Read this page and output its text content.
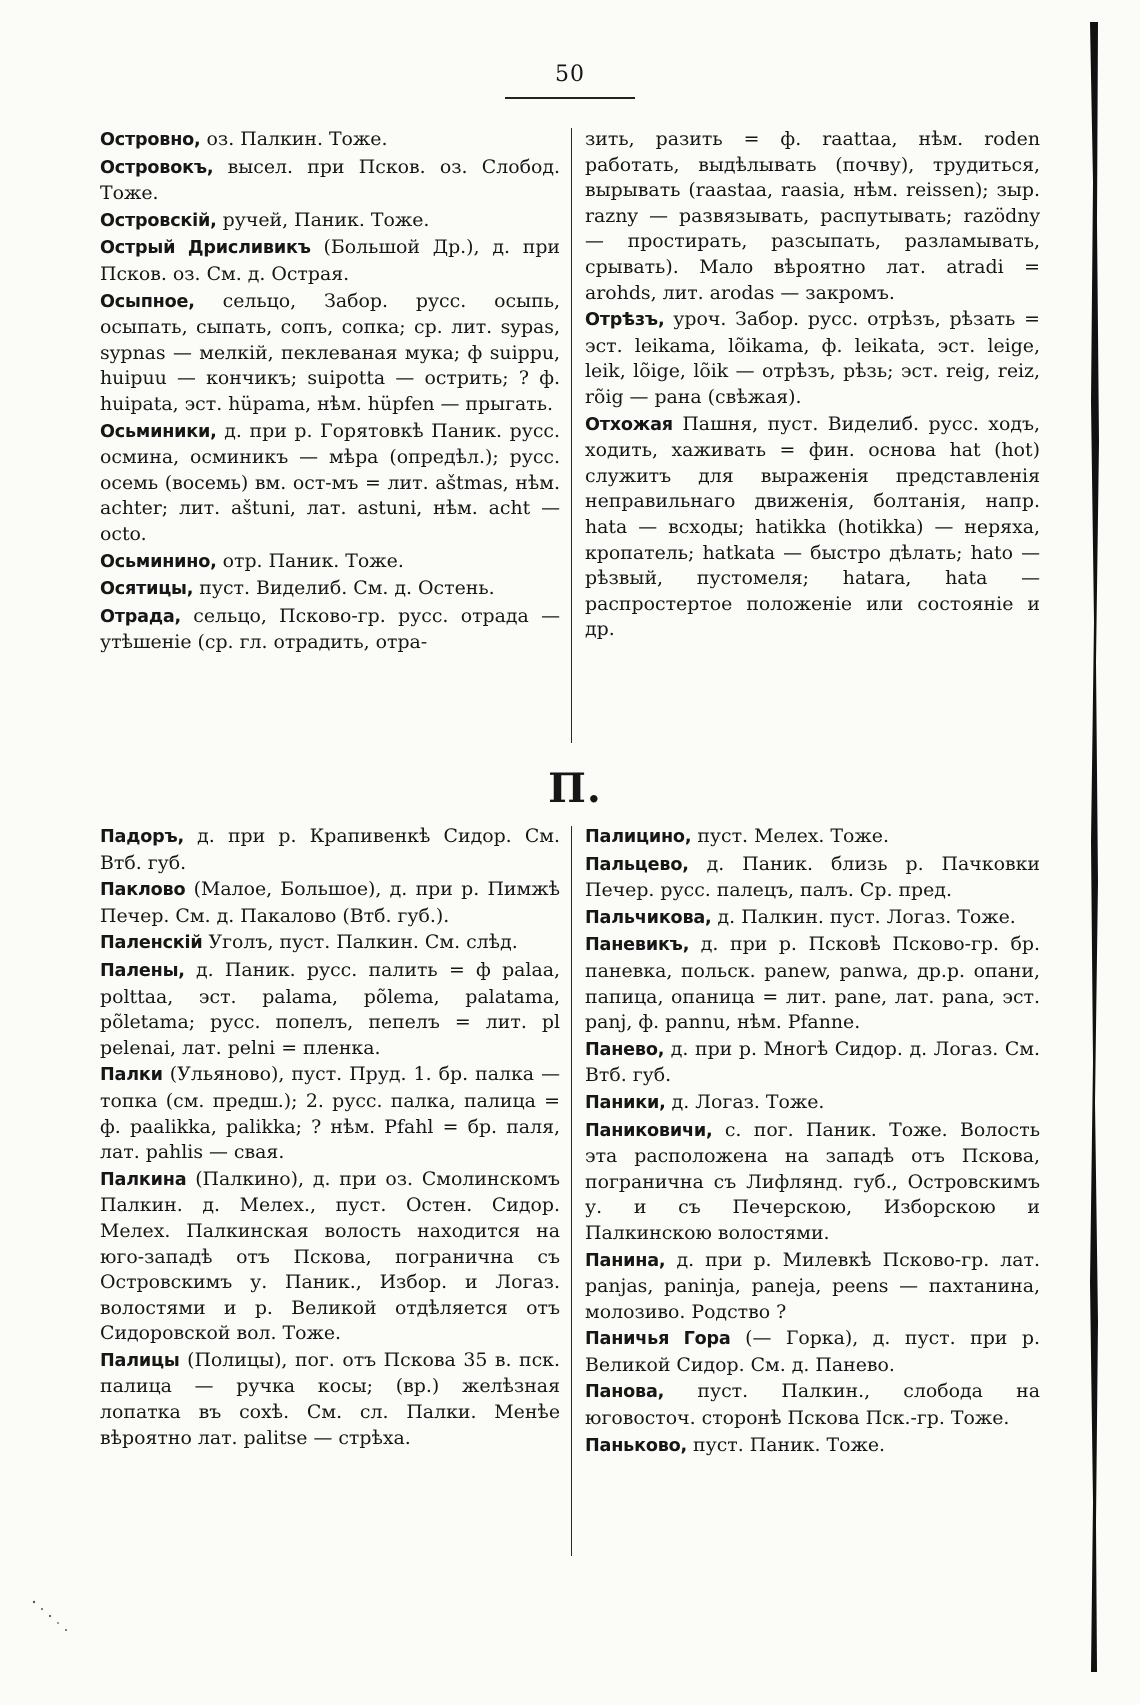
50

Островно, оз. Палкин. Тоже.

Островокъ, высел. при Псков. оз. Слобод. Тоже.

Островскій, ручей, Паник. Тоже.

Острый Дрисливикъ (Большой Др.), д. при Псков. оз. См. д. Острая.

Осыпное, сельцо, Забор. русс. осыпь, осыпать, сыпать, сопъ, сопка; ср. лит. sypas, sypnas — мелкій, пеклеваная мука; ф suippu, huipuu — кончикъ; suipotta — острить; ? ф. huipata, эст. hüpama, нѣм. hüpfen — прыгать.

Осьминики, д. при р. Горятовкѣ Паник. русс. осмина, осминикъ — мѣра (опредѣл.); русс. осемь (восемь) вм. ост-мъ = лит. aštmas, нѣм. achter; лит. aštuni, лат. astuni, нѣм. acht — octo.

Осьминино, отр. Паник. Тоже.

Осятицы, пуст. Виделиб. См. д. Остень.

Отрада, сельцо, Псково-гр. русс. отрада — утѣшеніе (ср. гл. отрадить, отра-

зить, разить = ф. raattaa, нѣм. roden работать, выдѣлывать (почву), трудиться, вырывать (raastaa, raasia, нѣм. reissen); зыр. razny — развязывать, распутывать; razödny — простирать, разсыпать, разламывать, срывать). Мало вѣроятно лат. atradi = arohds, лит. arodas — закромъ.

Отрѣзъ, уроч. Забор. русс. отрѣзъ, рѣзать = эст. leikama, lõikama, ф. leikata, эст. leige, leik, lõige, lõik — отрѣзъ, рѣзь; эст. reig, reiz, rõig — рана (свѣжая).

Отхожая Пашня, пуст. Виделиб. русс. ходъ, ходить, хаживать = фин. основа hat (hot) служитъ для выраженія представленія неправильнаго движенія, болтанія, напр. hata — всходы; hatikka (hotikka) — неряха, кропатель; hatkata — быстро дѣлать; hato — рѣзвый, пустомеля; hatara, hata — распростертое положеніе или состояніе и др.

П.

Падоръ, д. при р. Крапивенкѣ Сидор. См. Втб. губ.

Паклово (Малое, Большое), д. при р. Пимжѣ Печер. См. д. Пакалово (Втб. губ.).

Паленскій Уголъ, пуст. Палкин. См. слѣд.

Палены, д. Паник. русс. палить = ф palaa, polttaa, эст. palama, põlema, palatama, põletama; русс. попелъ, пепелъ = лит. pl pelenai, лат. pelni = пленка.

Палки (Ульяново), пуст. Пруд. 1. бр. палка — топка (см. предш.); 2. русс. палка, палица = ф. paalikka, palikka; ? нѣм. Pfahl = бр. паля, лат. pahlis — свая.

Палкина (Палкино), д. при оз. Смолинскомъ Палкин. д. Мелех., пуст. Остен. Сидор. Мелех. Палкинская волость находится на юго-западѣ отъ Пскова, погранична съ Островскимъ у. Паник., Избор. и Логаз. волостями и р. Великой отдѣляется отъ Сидоровской вол. Тоже.

Палицы (Полицы), пог. отъ Пскова 35 в. пск. палица — ручка косы; (вр.) желѣзная лопатка въ сохѣ. См. сл. Палки. Менѣе вѣроятно лат. palitse — стрѣха.

Палицино, пуст. Мелех. Тоже.

Пальцево, д. Паник. близь р. Пачковки Печер. русс. палецъ, палъ. Ср. пред.

Пальчикова, д. Палкин. пуст. Логаз. Тоже.

Паневикъ, д. при р. Псковѣ Псково-гр. бр. паневка, польск. panew, panwa, др.р. опани, папица, опаница = лит. pane, лат. pana, эст. panj, ф. pannu, нѣм. Pfanne.

Панево, д. при р. Многѣ Сидор. д. Логаз. См. Втб. губ.

Паники, д. Логаз. Тоже.

Паниковичи, с. пог. Паник. Тоже. Волость эта расположена на западѣ отъ Пскова, погранична съ Лифлянд. губ., Островскимъ у. и съ Печерскою, Изборскою и Палкинскою волостями.

Панина, д. при р. Милевкѣ Псково-гр. лат. panjas, paninja, paneja, peens — пахтанина, молозиво. Родство ?

Паничья Гора (— Горка), д. пуст. при р. Великой Сидор. См. д. Панево.

Панова, пуст. Палкин., слобода на юговосточ. сторонѣ Пскова Пск.-гр. Тоже.

Паньково, пуст. Паник. Тоже.
